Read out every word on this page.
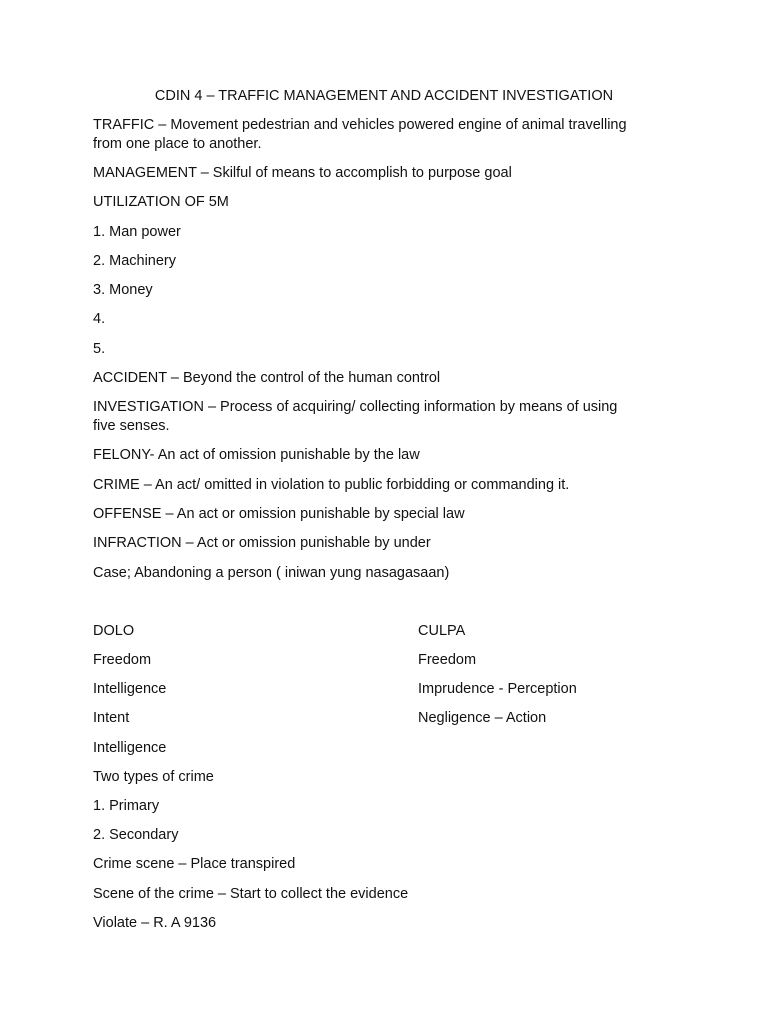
CDIN 4 – TRAFFIC MANAGEMENT AND ACCIDENT INVESTIGATION
TRAFFIC – Movement pedestrian and vehicles powered engine of animal travelling
from one place to another.
MANAGEMENT – Skilful of means to accomplish to purpose goal
UTILIZATION OF 5M
1. Man power
2. Machinery
3. Money
4.
5.
ACCIDENT – Beyond the control of the human control
INVESTIGATION – Process of acquiring/ collecting information by means of using
five senses.
FELONY- An act of omission punishable by the law
CRIME – An act/ omitted in violation to public forbidding or commanding it.
OFFENSE – An act or omission punishable by special law
INFRACTION – Act or omission punishable by under
Case; Abandoning a person ( iniwan yung nasagasaan)
DOLO	CULPA
Freedom	Freedom
Intelligence	Imprudence - Perception
Intent	Negligence – Action
Intelligence
Two types of crime
1. Primary
2. Secondary
Crime scene – Place transpired
Scene of the crime – Start to collect the evidence
Violate – R. A 9136
